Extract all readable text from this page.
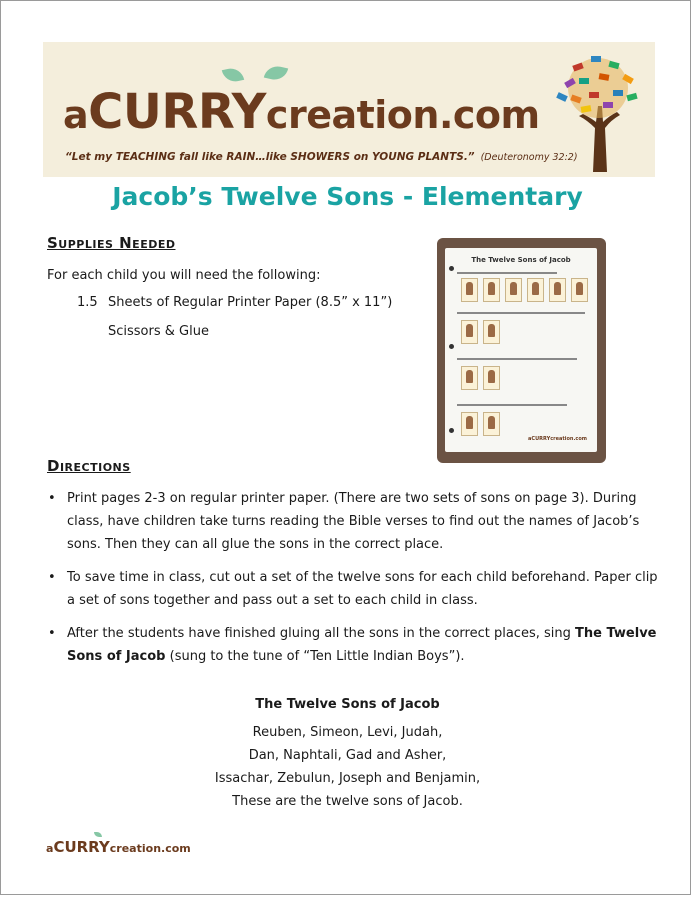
aCURRYcreation.com
“Let my TEACHING fall like RAIN…like SHOWERS on YOUNG PLANTS.” (Deuteronomy 32:2)
Jacob’s Twelve Sons - Elementary
Supplies Needed
For each child you will need the following:
1.5 Sheets of Regular Printer Paper (8.5” x 11”)
Scissors & Glue
The Twelve Sons of Jacob
aCURRYcreation.com
Directions
• Print pages 2-3 on regular printer paper. (There are two sets of sons on page 3). During class, have children take turns reading the Bible verses to find out the names of Jacob’s sons. Then they can all glue the sons in the correct place.
• To save time in class, cut out a set of the twelve sons for each child beforehand. Paper clip a set of sons together and pass out a set to each child in class.
• After the students have finished gluing all the sons in the correct places, sing The Twelve Sons of Jacob (sung to the tune of “Ten Little Indian Boys”).
The Twelve Sons of Jacob
Reuben, Simeon, Levi, Judah,
Dan, Naphtali, Gad and Asher,
Issachar, Zebulun, Joseph and Benjamin,
These are the twelve sons of Jacob.
aCURRYcreation.com
